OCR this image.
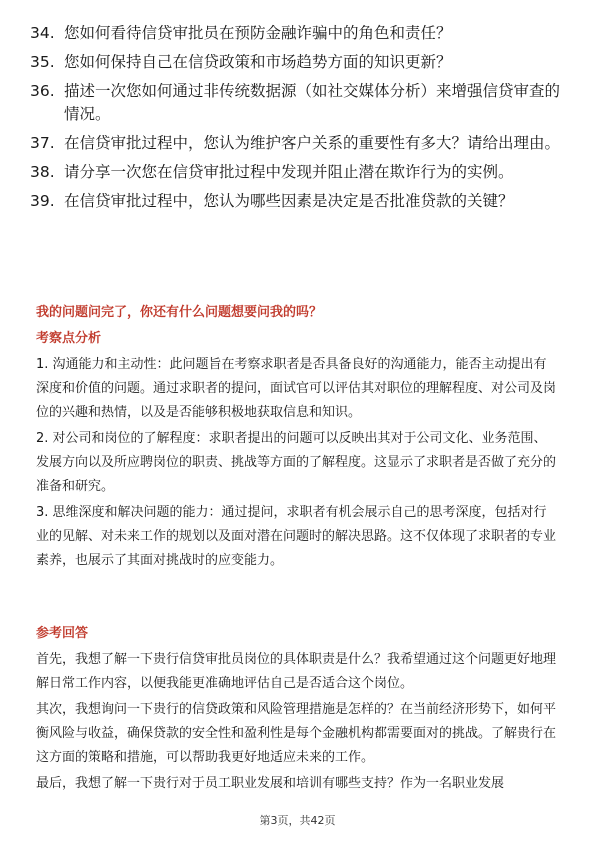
34. 您如何看待信贷审批员在预防金融诈骗中的角色和责任？
35. 您如何保持自己在信贷政策和市场趋势方面的知识更新？
36. 描述一次您如何通过非传统数据源（如社交媒体分析）来增强信贷审查的情况。
37. 在信贷审批过程中，您认为维护客户关系的重要性有多大？请给出理由。
38. 请分享一次您在信贷审批过程中发现并阻止潜在欺诈行为的实例。
39. 在信贷审批过程中，您认为哪些因素是决定是否批准贷款的关键？
我的问题问完了，你还有什么问题想要问我的吗？
考察点分析

1. 沟通能力和主动性：此问题旨在考察求职者是否具备良好的沟通能力，能否主动提出有深度和价值的问题。通过求职者的提问，面试官可以评估其对职位的理解程度、对公司及岗位的兴趣和热情，以及是否能够积极地获取信息和知识。

2. 对公司和岗位的了解程度：求职者提出的问题可以反映出其对于公司文化、业务范围、发展方向以及所应聘岗位的职责、挑战等方面的了解程度。这显示了求职者是否做了充分的准备和研究。

3. 思维深度和解决问题的能力：通过提问，求职者有机会展示自己的思考深度，包括对行业的见解、对未来工作的规划以及面对潜在问题时的解决思路。这不仅体现了求职者的专业素养，也展示了其面对挑战时的应变能力。

参考回答

首先，我想了解一下贵行信贷审批员岗位的具体职责是什么？我希望通过这个问题更好地理解日常工作内容，以便我能更准确地评估自己是否适合这个岗位。

其次，我想询问一下贵行的信贷政策和风险管理措施是怎样的？在当前经济形势下，如何平衡风险与收益，确保贷款的安全性和盈利性是每个金融机构都需要面对的挑战。了解贵行在这方面的策略和措施，可以帮助我更好地适应未来的工作。

最后，我想了解一下贵行对于员工职业发展和培训有哪些支持？作为一名职业发展

第3页，共42页
